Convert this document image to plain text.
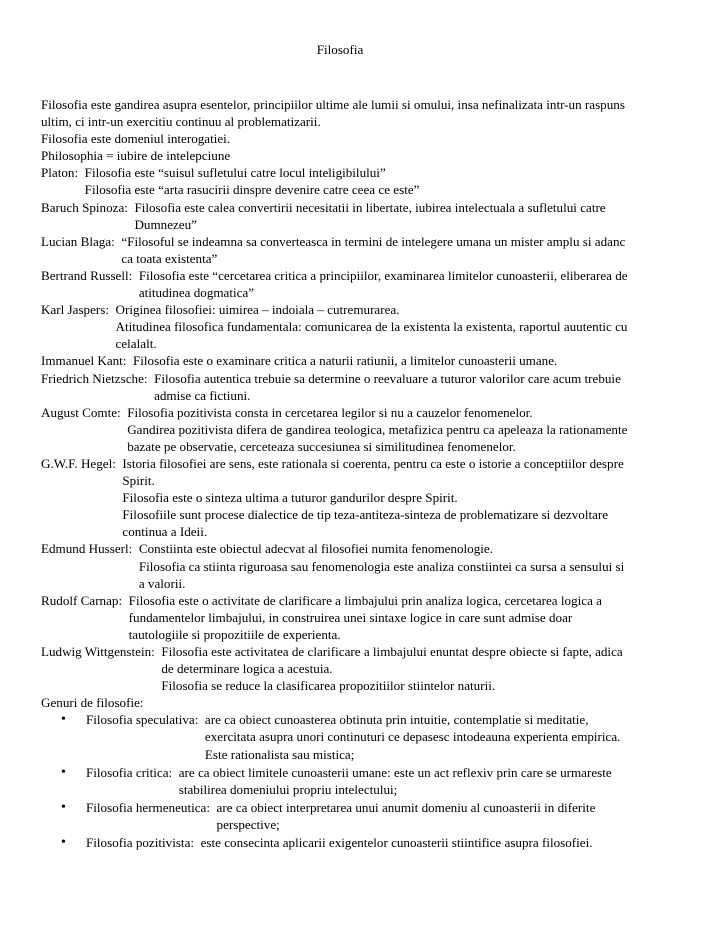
Filosofia
Filosofia este gandirea asupra esentelor, principiilor ultime ale lumii si omului, insa nefinalizata intr-un raspuns
ultim, ci intr-un exercitiu continuu al problematizarii.
Filosofia este domeniul interogatiei.
Philosophia = iubire de intelepciune
Platon: Filosofia este “suisul sufletului catre locul inteligibilului”
Filosofia este “arta rasucirii dinspre devenire catre ceea ce este”
Baruch Spinoza: Filosofia este calea convertirii necesitatii in libertate, iubirea intelectuala a sufletului catre
Dumnezeu”
Lucian Blaga: “Filosoful se indeamna sa converteasca in termini de intelegere umana un mister amplu si adanc
ca toata existenta”
Bertrand Russell: Filosofia este “cercetarea critica a principiilor, examinarea limitelor cunoasterii, eliberarea de
atitudinea dogmatica”
Karl Jaspers: Originea filosofiei: uimirea – indoiala – cutremurarea.
Atitudinea filosofica fundamentala: comunicarea de la existenta la existenta, raportul auutentic cu
celalalt.
Immanuel Kant: Filosofia este o examinare critica a naturii ratiunii, a limitelor cunoasterii umane.
Friedrich Nietzsche: Filosofia autentica trebuie sa determine o reevaluare a tuturor valorilor care acum trebuie
admise ca fictiuni.
August Comte: Filosofia pozitivista consta in cercetarea legilor si nu a cauzelor fenomenelor.
Gandirea pozitivista difera de gandirea teologica, metafizica pentru ca apeleaza la rationamente
bazate pe observatie, cerceteaza succesiunea si similitudinea fenomenelor.
G.W.F. Hegel: Istoria filosofiei are sens, este rationala si coerenta, pentru ca este o istorie a conceptiilor despre
Spirit.
Filosofia este o sinteza ultima a tuturor gandurilor despre Spirit.
Filosofiile sunt procese dialectice de tip teza-antiteza-sinteza de problematizare si dezvoltare
continua a Ideii.
Edmund Husserl: Constiinta este obiectul adecvat al filosofiei numita fenomenologie.
Filosofia ca stiinta riguroasa sau fenomenologia este analiza constiintei ca sursa a sensului si
a valorii.
Rudolf Carnap: Filosofia este o activitate de clarificare a limbajului prin analiza logica, cercetarea logica a
fundamentelor limbajului, in construirea unei sintaxe logice in care sunt admise doar
tautologiile si propozitiile de experienta.
Ludwig Wittgenstein: Filosofia este activitatea de clarificare a limbajului enuntat despre obiecte si fapte, adica
de determinare logica a acestuia.
Filosofia se reduce la clasificarea propozitiilor stiintelor naturii.
Genuri de filosofie:
•	Filosofia speculativa: are ca obiect cunoasterea obtinuta prin intuitie, contemplatie si meditatie,
exercitata asupra unori continuturi ce depasesc intodeauna experienta empirica.
Este rationalista sau mistica;
•	Filosofia critica: are ca obiect limitele cunoasterii umane: este un act reflexiv prin care se urmareste
stabilirea domeniului propriu intelectului;
•	Filosofia hermeneutica: are ca obiect interpretarea unui anumit domeniu al cunoasterii in diferite
perspective;
•	Filosofia pozitivista: este consecinta aplicarii exigentelor cunoasterii stiintifice asupra filosofiei.
